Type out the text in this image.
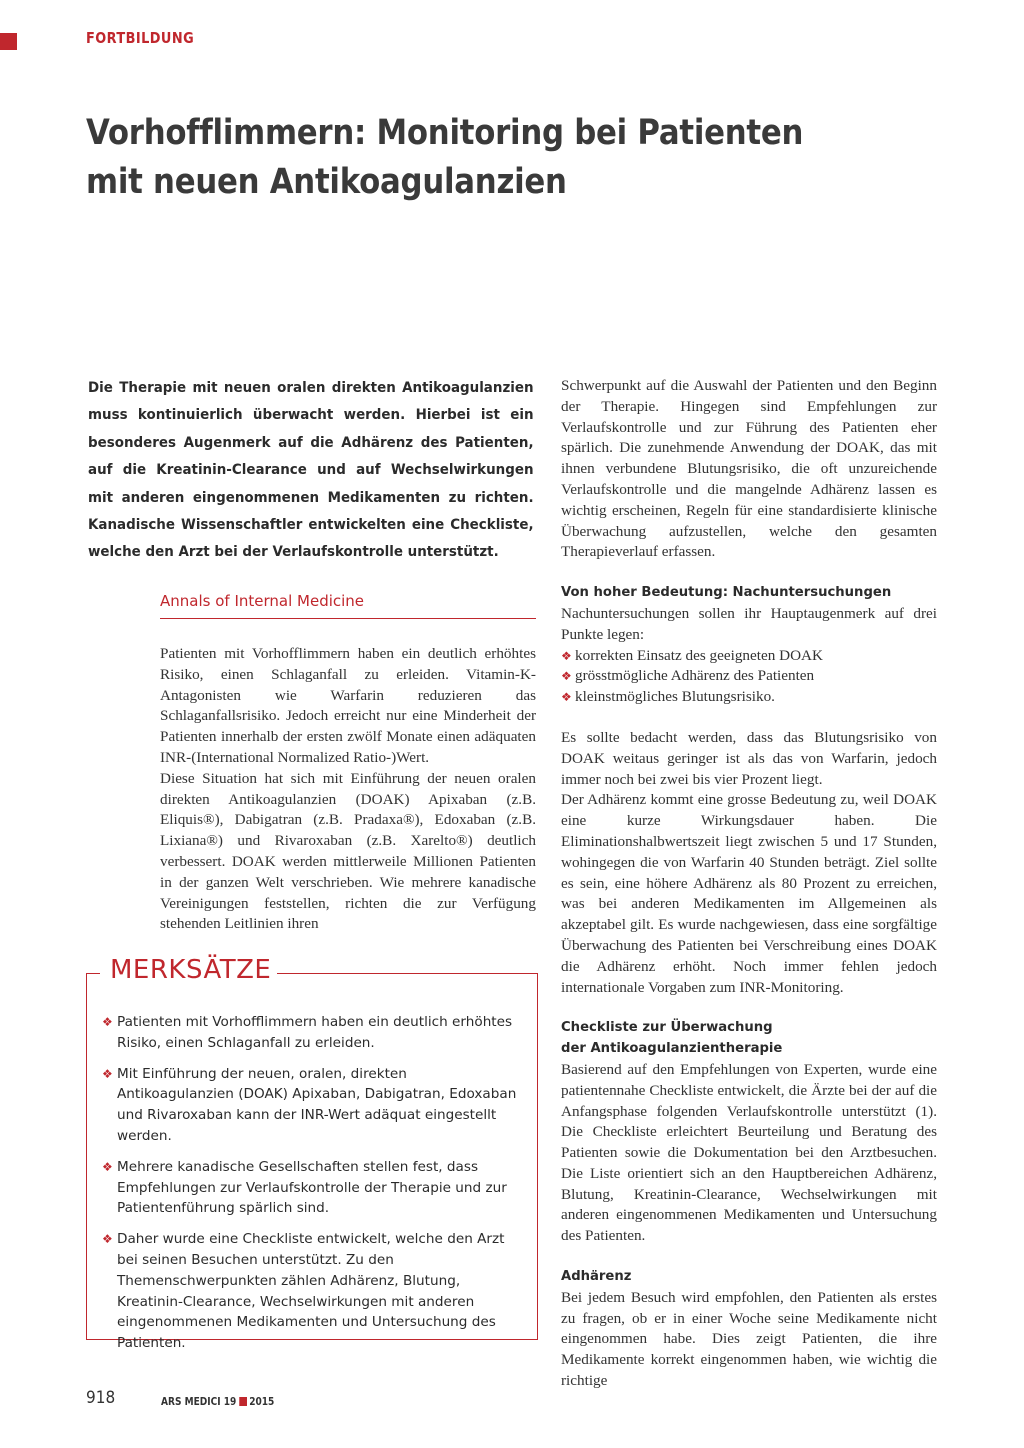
FORTBILDUNG
Vorhofflimmern: Monitoring bei Patienten
mit neuen Antikoagulanzien
Die Therapie mit neuen oralen direkten Antikoagulanzien muss kontinuierlich überwacht werden. Hierbei ist ein besonderes Augenmerk auf die Adhärenz des Patienten, auf die Kreatinin-Clearance und auf Wechselwirkungen mit anderen eingenommenen Medikamenten zu richten. Kanadische Wissenschaftler entwickelten eine Checkliste, welche den Arzt bei der Verlaufskontrolle unterstützt.
Annals of Internal Medicine

Patienten mit Vorhofflimmern haben ein deutlich erhöhtes Risiko, einen Schlaganfall zu erleiden. Vitamin-K-Antagonisten wie Warfarin reduzieren das Schlaganfallsrisiko. Jedoch erreicht nur eine Minderheit der Patienten innerhalb der ersten zwölf Monate einen adäquaten INR-(International Normalized Ratio-)Wert.

Diese Situation hat sich mit Einführung der neuen oralen direkten Antikoagulanzien (DOAK) Apixaban (z.B. Eliquis®), Dabigatran (z.B. Pradaxa®), Edoxaban (z.B. Lixiana®) und Rivaroxaban (z.B. Xarelto®) deutlich verbessert. DOAK werden mittlerweile Millionen Patienten in der ganzen Welt verschrieben. Wie mehrere kanadische Vereinigungen feststellen, richten die zur Verfügung stehenden Leitlinien ihren

MERKSÄTZE
❖ Patienten mit Vorhofflimmern haben ein deutlich erhöhtes Risiko, einen Schlaganfall zu erleiden.
❖ Mit Einführung der neuen, oralen, direkten Antikoagulanzien (DOAK) Apixaban, Dabigatran, Edoxaban und Rivaroxaban kann der INR-Wert adäquat eingestellt werden.
❖ Mehrere kanadische Gesellschaften stellen fest, dass Empfehlungen zur Verlaufskontrolle der Therapie und zur Patientenführung spärlich sind.
❖ Daher wurde eine Checkliste entwickelt, welche den Arzt bei seinen Besuchen unterstützt. Zu den Themenschwerpunkten zählen Adhärenz, Blutung, Kreatinin-Clearance, Wechselwirkungen mit anderen eingenommenen Medikamenten und Untersuchung des Patienten.

Schwerpunkt auf die Auswahl der Patienten und den Beginn der Therapie. Hingegen sind Empfehlungen zur Verlaufskontrolle und zur Führung des Patienten eher spärlich. Die zunehmende Anwendung der DOAK, das mit ihnen verbundene Blutungsrisiko, die oft unzureichende Verlaufskontrolle und die mangelnde Adhärenz lassen es wichtig erscheinen, Regeln für eine standardisierte klinische Überwachung aufzustellen, welche den gesamten Therapieverlauf erfassen.

Von hoher Bedeutung: Nachuntersuchungen

Nachuntersuchungen sollen ihr Hauptaugenmerk auf drei Punkte legen:

❖ korrekten Einsatz des geeigneten DOAK

❖ grösstmögliche Adhärenz des Patienten

❖ kleinstmögliches Blutungsrisiko.

Es sollte bedacht werden, dass das Blutungsrisiko von DOAK weitaus geringer ist als das von Warfarin, jedoch immer noch bei zwei bis vier Prozent liegt.

Der Adhärenz kommt eine grosse Bedeutung zu, weil DOAK eine kurze Wirkungsdauer haben. Die Eliminationshalbwertszeit liegt zwischen 5 und 17 Stunden, wohingegen die von Warfarin 40 Stunden beträgt. Ziel sollte es sein, eine höhere Adhärenz als 80 Prozent zu erreichen, was bei anderen Medikamenten im Allgemeinen als akzeptabel gilt. Es wurde nachgewiesen, dass eine sorgfältige Überwachung des Patienten bei Verschreibung eines DOAK die Adhärenz erhöht. Noch immer fehlen jedoch internationale Vorgaben zum INR-Monitoring.

Checkliste zur Überwachung

der Antikoagulanzientherapie

Basierend auf den Empfehlungen von Experten, wurde eine patientennahe Checkliste entwickelt, die Ärzte bei der auf die Anfangsphase folgenden Verlaufskontrolle unterstützt (1). Die Checkliste erleichtert Beurteilung und Beratung des Patienten sowie die Dokumentation bei den Arztbesuchen. Die Liste orientiert sich an den Hauptbereichen Adhärenz, Blutung, Kreatinin-Clearance, Wechselwirkungen mit anderen eingenommenen Medikamenten und Untersuchung des Patienten.

Adhärenz

Bei jedem Besuch wird empfohlen, den Patienten als erstes zu fragen, ob er in einer Woche seine Medikamente nicht eingenommen habe. Dies zeigt Patienten, die ihre Medikamente korrekt eingenommen haben, wie wichtig die richtige

918	ARS MEDICI 19 2015
